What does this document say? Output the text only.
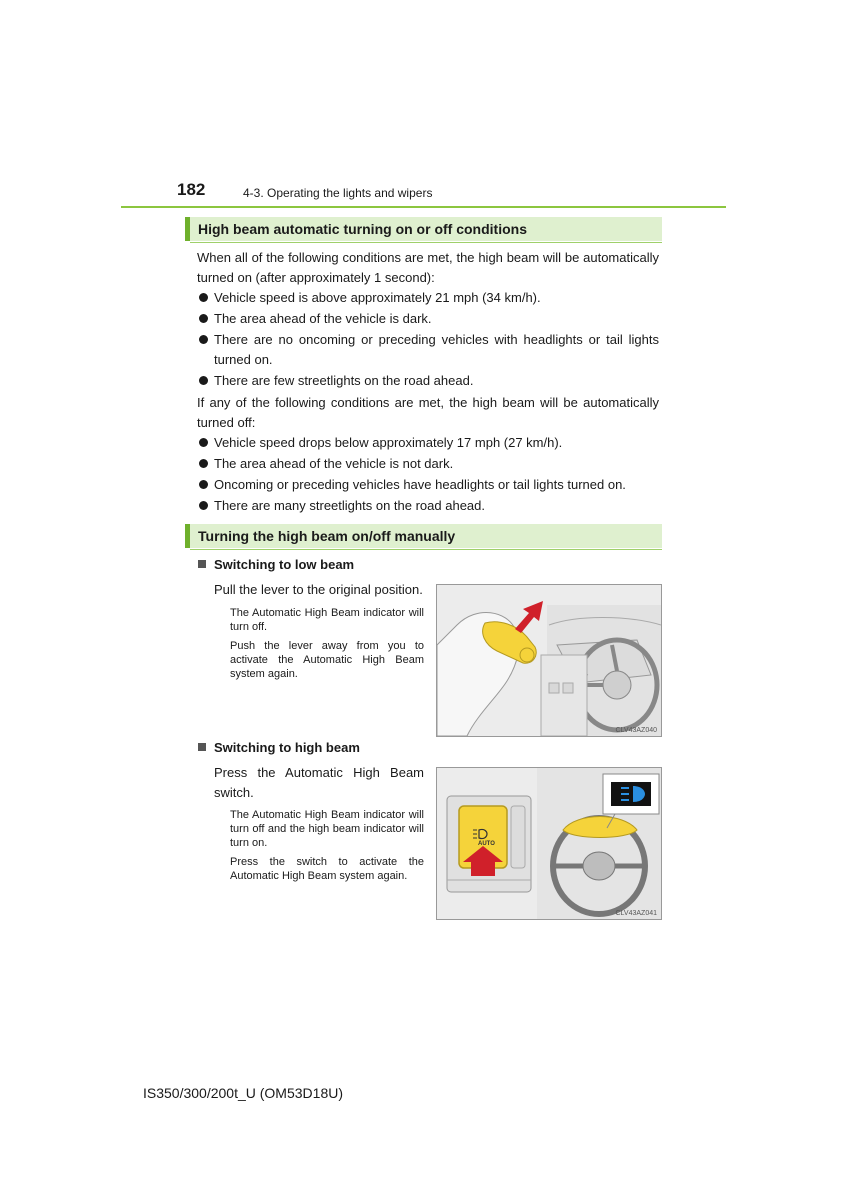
182	4-3. Operating the lights and wipers
High beam automatic turning on or off conditions
When all of the following conditions are met, the high beam will be automatically turned on (after approximately 1 second):
Vehicle speed is above approximately 21 mph (34 km/h).
The area ahead of the vehicle is dark.
There are no oncoming or preceding vehicles with headlights or tail lights turned on.
There are few streetlights on the road ahead.
If any of the following conditions are met, the high beam will be automatically turned off:
Vehicle speed drops below approximately 17 mph (27 km/h).
The area ahead of the vehicle is not dark.
Oncoming or preceding vehicles have headlights or tail lights turned on.
There are many streetlights on the road ahead.
Turning the high beam on/off manually
Switching to low beam
Pull the lever to the original position.
The Automatic High Beam indicator will turn off.
Push the lever away from you to activate the Automatic High Beam system again.
CLV43AZ040
Switching to high beam
Press the Automatic High Beam switch.
The Automatic High Beam indicator will turn off and the high beam indicator will turn on.
Press the switch to activate the Automatic High Beam system again.
AUTO
CLV43AZ041
IS350/300/200t_U (OM53D18U)
